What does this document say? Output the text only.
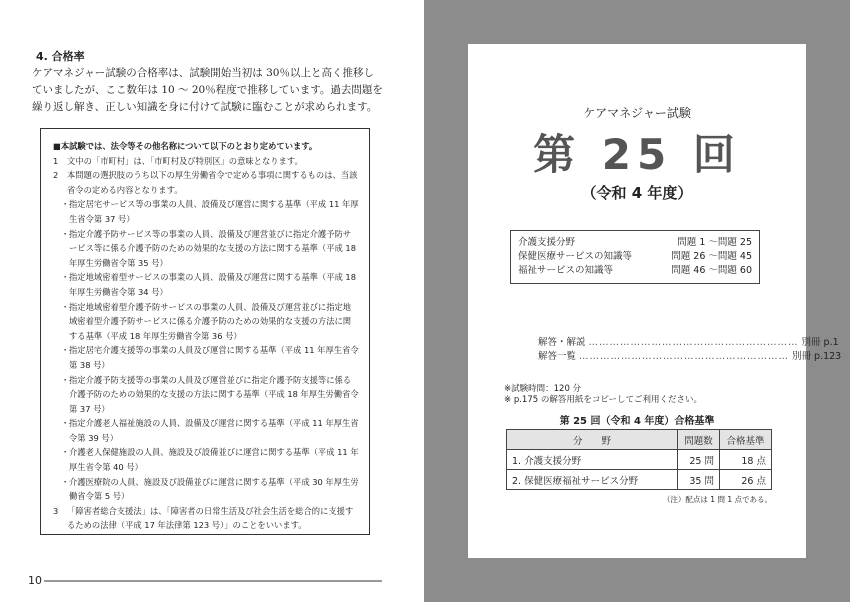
4. 合格率

ケアマネジャー試験の合格率は、試験開始当初は 30％以上と高く推移していましたが、ここ数年は 10 ～ 20％程度で推移しています。過去問題を繰り返し解き、正しい知識を身に付けて試験に臨むことが求められます。

■本試験では、法令等その他名称について以下のとおり定めています。
1	文中の「市町村」は、「市町村及び特別区」の意味となります。
2	本問題の選択肢のうち以下の厚生労働省令で定める事項に関するものは、当該省令の定める内容となります。
・ 指定居宅サービス等の事業の人員、設備及び運営に関する基準（平成 11 年厚生省令第 37 号）
・ 指定介護予防サービス等の事業の人員、設備及び運営並びに指定介護予防サービス等に係る介護予防のための効果的な支援の方法に関する基準（平成 18 年厚生労働省令第 35 号）
・ 指定地域密着型サービスの事業の人員、設備及び運営に関する基準（平成 18 年厚生労働省令第 34 号）
・ 指定地域密着型介護予防サービスの事業の人員、設備及び運営並びに指定地域密着型介護予防サービスに係る介護予防のための効果的な支援の方法に関する基準（平成 18 年厚生労働省令第 36 号）
・ 指定居宅介護支援等の事業の人員及び運営に関する基準（平成 11 年厚生省令第 38 号）
・ 指定介護予防支援等の事業の人員及び運営並びに指定介護予防支援等に係る介護予防のための効果的な支援の方法に関する基準（平成 18 年厚生労働省令第 37 号）
・ 指定介護老人福祉施設の人員、設備及び運営に関する基準（平成 11 年厚生省令第 39 号）
・ 介護老人保健施設の人員、施設及び設備並びに運営に関する基準（平成 11 年厚生省令第 40 号）
・ 介護医療院の人員、施設及び設備並びに運営に関する基準（平成 30 年厚生労働省令第 5 号）
3	「障害者総合支援法」は、「障害者の日常生活及び社会生活を総合的に支援するための法律（平成 17 年法律第 123 号）」のことをいいます。
10
ケアマネジャー試験
第 25 回
（令和 4 年度）
介護支援分野	問題 1 ～問題 25
保健医療サービスの知識等	問題 26 ～問題 45
福祉サービスの知識等	問題 46 ～問題 60
解答・解説 …………………………………………………… 別冊 p.1
解答一覧 …………………………………………………… 別冊 p.123
※試験時間：120 分
※ p.175 の解答用紙をコピーしてご利用ください。
第 25 回（令和 4 年度）合格基準
分　　野	問題数	合格基準
1. 介護支援分野	25 問	18 点
2. 保健医療福祉サービス分野	35 問	26 点
（注）配点は 1 問 1 点である。
